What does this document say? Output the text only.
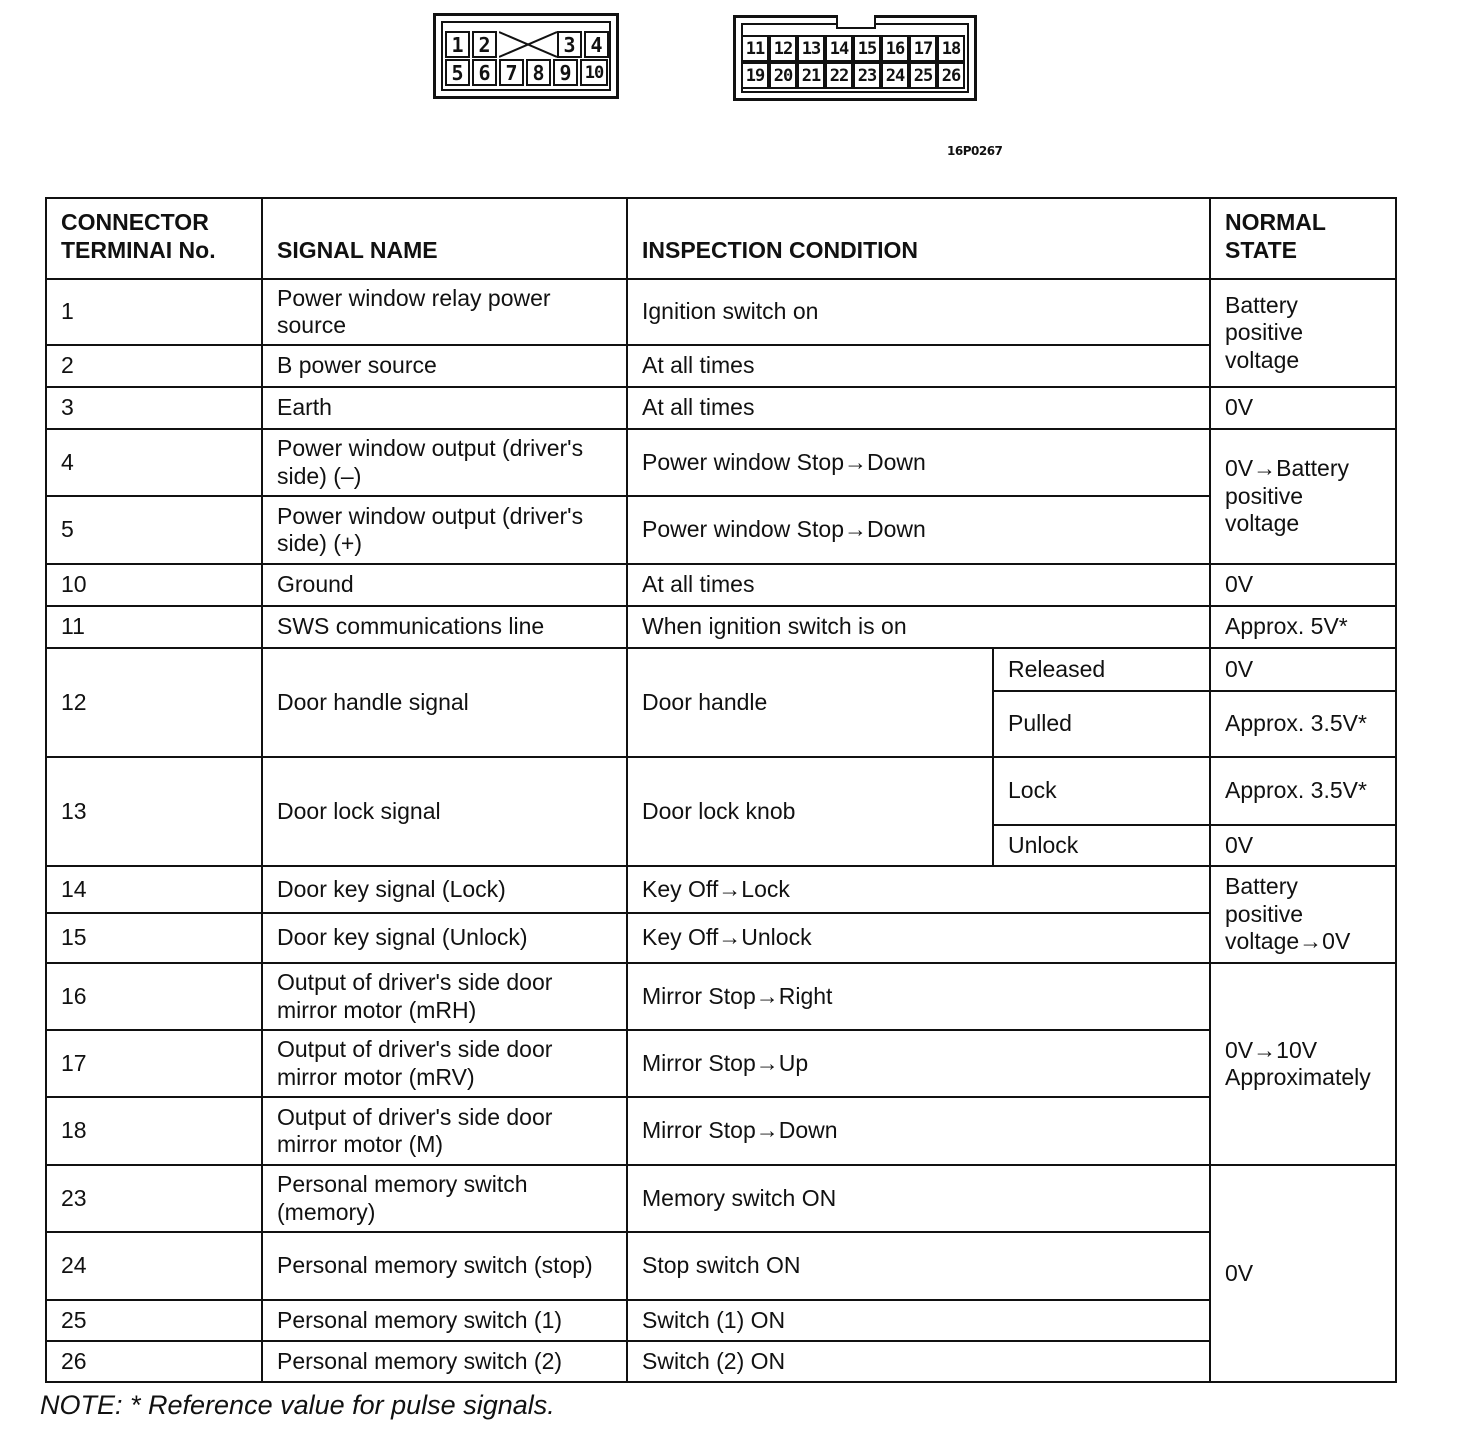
1 2	3 4
5 6 7 8 9 10
11 12 13 14 15 16 17 18
19 20 21 22 23 24 25 26
16P0267
CONNECTOR TERMINAI No.	SIGNAL NAME	INSPECTION CONDITION		NORMAL STATE
1	Power window relay power source	Ignition switch on		Battery positive voltage
2	B power source	At all times		
3	Earth	At all times		0V
4	Power window output (driver's side) (–)	Power window Stop→Down		0V→Battery positive voltage
5	Power window output (driver's side) (+)	Power window Stop→Down		
10	Ground	At all times		0V
11	SWS communications line	When ignition switch is on		Approx. 5V*
12	Door handle signal	Door handle	Released	0V
			Pulled	Approx. 3.5V*
13	Door lock signal	Door lock knob	Lock	Approx. 3.5V*
			Unlock	0V
14	Door key signal (Lock)	Key Off→Lock		Battery positive voltage→0V
15	Door key signal (Unlock)	Key Off→Unlock		
16	Output of driver's side door mirror motor (mRH)	Mirror Stop→Right		0V→10V Approximately
17	Output of driver's side door mirror motor (mRV)	Mirror Stop→Up		
18	Output of driver's side door mirror motor (M)	Mirror Stop→Down		
23	Personal memory switch (memory)	Memory switch ON		0V
24	Personal memory switch (stop)	Stop switch ON		
25	Personal memory switch (1)	Switch (1) ON		
26	Personal memory switch (2)	Switch (2) ON		
NOTE: * Reference value for pulse signals.
